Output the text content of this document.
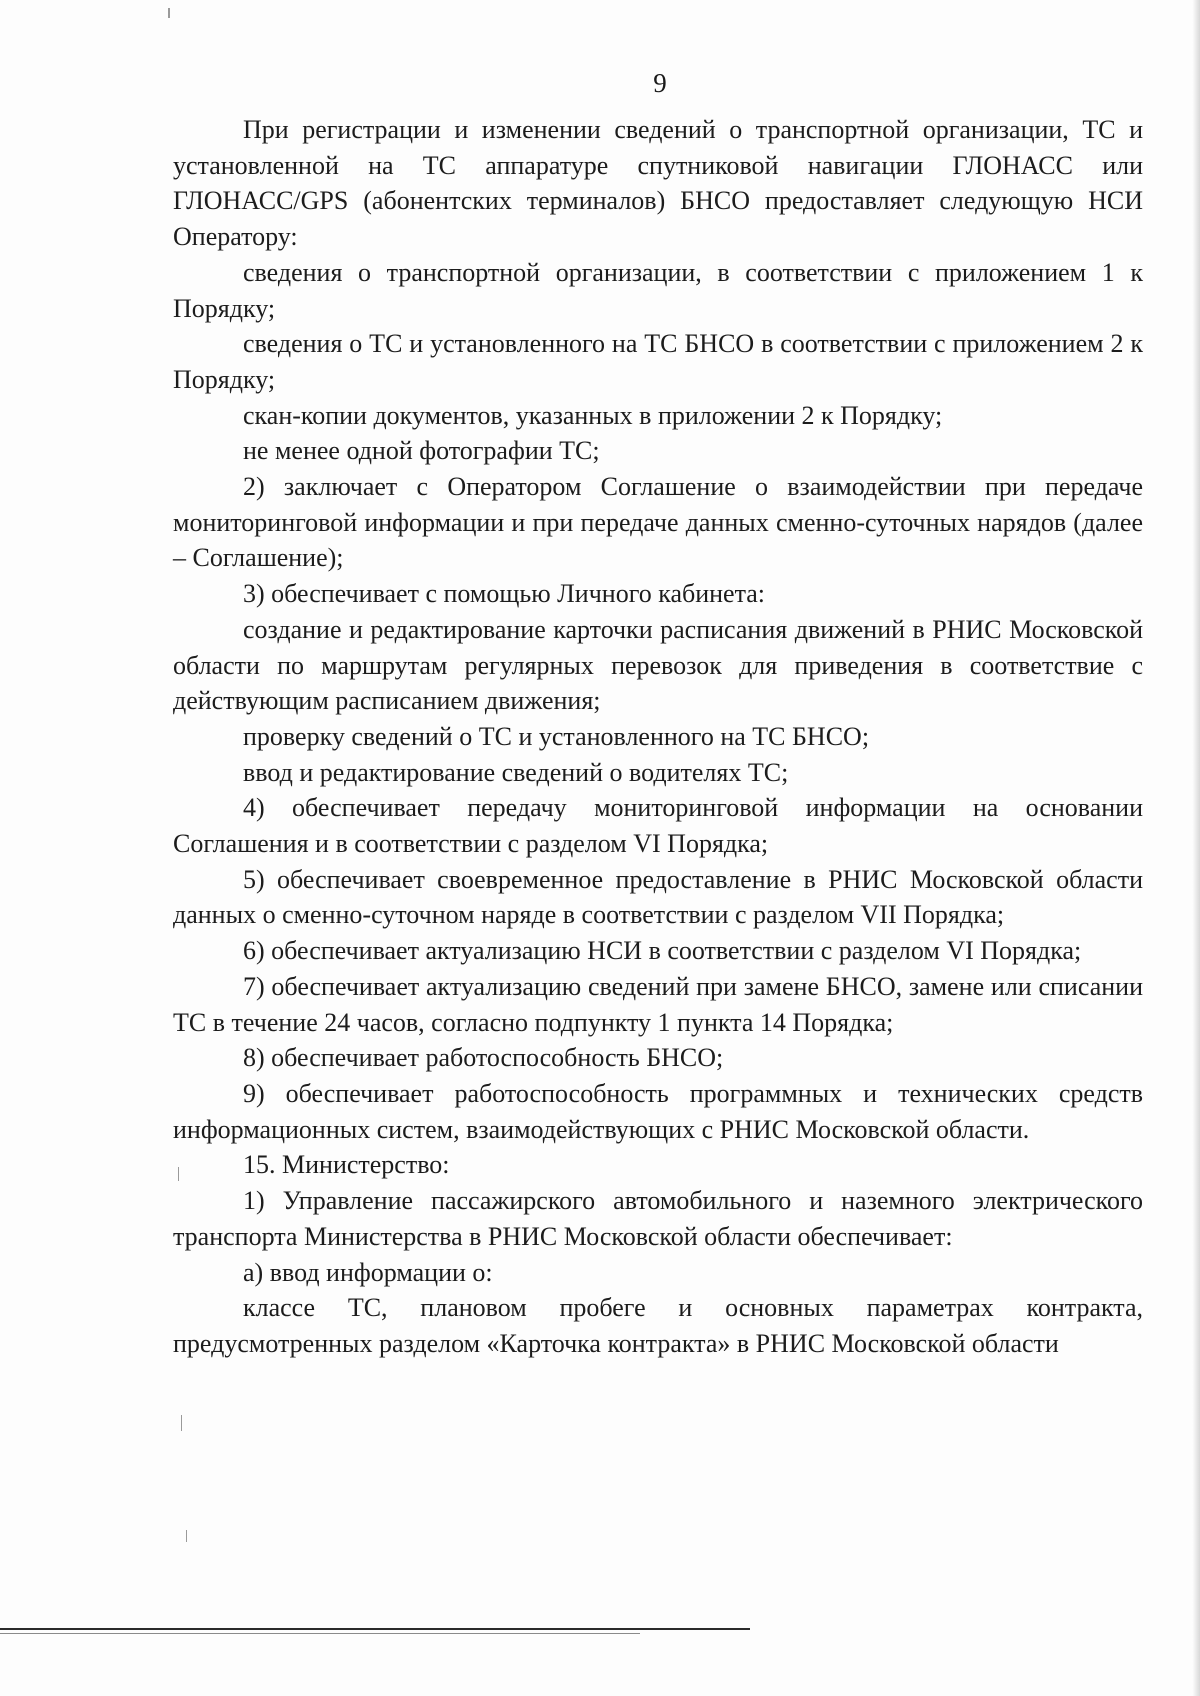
9

При регистрации и изменении сведений о транспортной организации, ТС и установленной на ТС аппаратуре спутниковой навигации ГЛОНАСС или ГЛОНАСС/GPS (абонентских терминалов) БНСО предоставляет следующую НСИ Оператору:

сведения о транспортной организации, в соответствии с приложением 1 к Порядку;

сведения о ТС и установленного на ТС БНСО в соответствии с приложением 2 к Порядку;

скан-копии документов, указанных в приложении 2 к Порядку;

не менее одной фотографии ТС;

2) заключает с Оператором Соглашение о взаимодействии при передаче мониторинговой информации и при передаче данных сменно-суточных нарядов (далее – Соглашение);

3) обеспечивает с помощью Личного кабинета:

создание и редактирование карточки расписания движений в РНИС Московской области по маршрутам регулярных перевозок для приведения в соответствие с действующим расписанием движения;

проверку сведений о ТС и установленного на ТС БНСО;

ввод и редактирование сведений о водителях ТС;

4) обеспечивает передачу мониторинговой информации на основании Соглашения и в соответствии с разделом VI Порядка;

5) обеспечивает своевременное предоставление в РНИС Московской области данных о сменно-суточном наряде в соответствии с разделом VII Порядка;

6) обеспечивает актуализацию НСИ в соответствии с разделом VI Порядка;

7) обеспечивает актуализацию сведений при замене БНСО, замене или списании ТС в течение 24 часов, согласно подпункту 1 пункта 14 Порядка;

8) обеспечивает работоспособность БНСО;

9) обеспечивает работоспособность программных и технических средств информационных систем, взаимодействующих с РНИС Московской области.

15. Министерство:

1) Управление пассажирского автомобильного и наземного электрического транспорта Министерства в РНИС Московской области обеспечивает:

а) ввод информации о:

классе ТС, плановом пробеге и основных параметрах контракта, предусмотренных разделом «Карточка контракта» в РНИС Московской области
